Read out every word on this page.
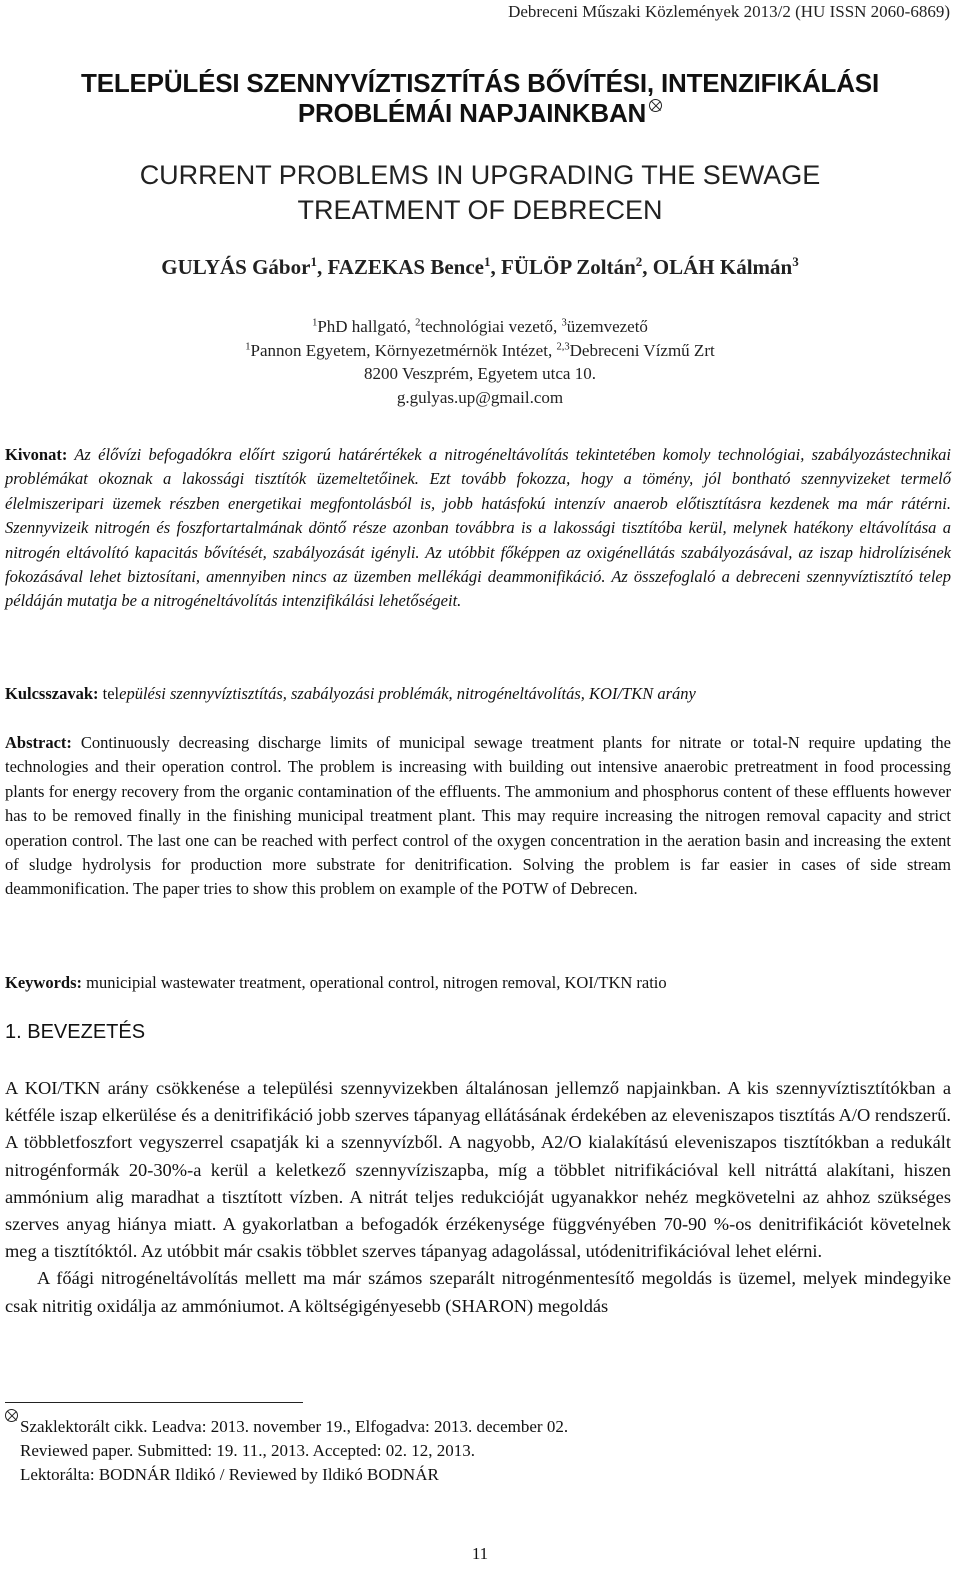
Debreceni Műszaki Közlemények 2013/2 (HU ISSN 2060-6869)
TELEPÜLÉSI SZENNYVÍZTISZTÍTÁS BŐVÍTÉSI, INTENZIFIKÁLÁSI
PROBLÉMÁI NAPJAINKBAN
CURRENT PROBLEMS IN UPGRADING THE SEWAGE
TREATMENT OF DEBRECEN
GULYÁS Gábor$^1$, FAZEKAS Bence$^1$, FÜLÖP Zoltán$^2$, OLÁH Kálmán$^3$
$^1$PhD hallgató, $^2$technológiai vezető, $^3$üzemvezető
$^1$Pannon Egyetem, Környezetmérnök Intézet, $^{2,3}$Debreceni Vízmű Zrt
8200 Veszprém, Egyetem utca 10.
g.gulyas.up@gmail.com
Kivonat: Az élővízi befogadókra előírt szigorú határértékek a nitrogéneltávolítás tekintetében komoly technológiai, szabályozástechnikai problémákat okoznak a lakossági tisztítók üzemeltetőinek. Ezt tovább fokozza, hogy a tömény, jól bontható szennyvizeket termelő élelmiszeripari üzemek részben energetikai megfontolásból is, jobb hatásfokú intenzív anaerob előtisztításra kezdenek ma már rátérni. Szennyvizeik nitrogén és foszfortartalmának döntő része azonban továbbra is a lakossági tisztítóba kerül, melynek hatékony eltávolítása a nitrogén eltávolító kapacitás bővítését, szabályozását igényli. Az utóbbit főképpen az oxigénellátás szabályozásával, az iszap hidrolízisének fokozásával lehet biztosítani, amennyiben nincs az üzemben mellékági deammonifikáció. Az összefoglaló a debreceni szennyvíztisztító telep példáján mutatja be a nitrogéneltávolítás intenzifikálási lehetőségeit.
Kulcsszavak: települési szennyvíztisztítás, szabályozási problémák, nitrogéneltávolítás, KOI/TKN arány
Abstract: Continuously decreasing discharge limits of municipal sewage treatment plants for nitrate or total-N require updating the technologies and their operation control. The problem is increasing with building out intensive anaerobic pretreatment in food processing plants for energy recovery from the organic contamination of the effluents. The ammonium and phosphorus content of these effluents however has to be removed finally in the finishing municipal treatment plant. This may require increasing the nitrogen removal capacity and strict operation control. The last one can be reached with perfect control of the oxygen concentration in the aeration basin and increasing the extent of sludge hydrolysis for production more substrate for denitrification. Solving the problem is far easier in cases of side stream deammonification. The paper tries to show this problem on example of the POTW of Debrecen.
Keywords: municipial wastewater treatment, operational control, nitrogen removal, KOI/TKN ratio
1. BEVEZETÉS

A KOI/TKN arány csökkenése a települési szennyvizekben általánosan jellemző napjainkban. A kis szennyvíztisztítókban a kétféle iszap elkerülése és a denitrifikáció jobb szerves tápanyag ellátásának érdekében az eleveniszapos tisztítás A/O rendszerű. A többletfoszfort vegyszerrel csapatják ki a szennyvízből. A nagyobb, A2/O kialakítású eleveniszapos tisztítókban a redukált nitrogénformák 20-30%-a kerül a keletkező szennyvíziszapba, míg a többlet nitrifikációval kell nitráttá alakítani, hiszen ammónium alig maradhat a tisztított vízben. A nitrát teljes redukcióját ugyanakkor nehéz megkövetelni az ahhoz szükséges szerves anyag hiánya miatt. A gyakorlatban a befogadók érzékenysége függvényében 70-90 %-os denitrifikációt követelnek meg a tisztítóktól. Az utóbbit már csakis többlet szerves tápanyag adagolással, utódenitrifikációval lehet elérni.

A főági nitrogéneltávolítás mellett ma már számos szeparált nitrogénmentesítő megoldás is üzemel, melyek mindegyike csak nitritig oxidálja az ammóniumot. A költségigényesebb (SHARON) megoldás

Szaklektorált cikk. Leadva: 2013. november 19., Elfogadva: 2013. december 02.
Reviewed paper. Submitted: 19. 11., 2013. Accepted: 02. 12, 2013.
Lektorálta: BODNÁR Ildikó / Reviewed by Ildikó BODNÁR
11
